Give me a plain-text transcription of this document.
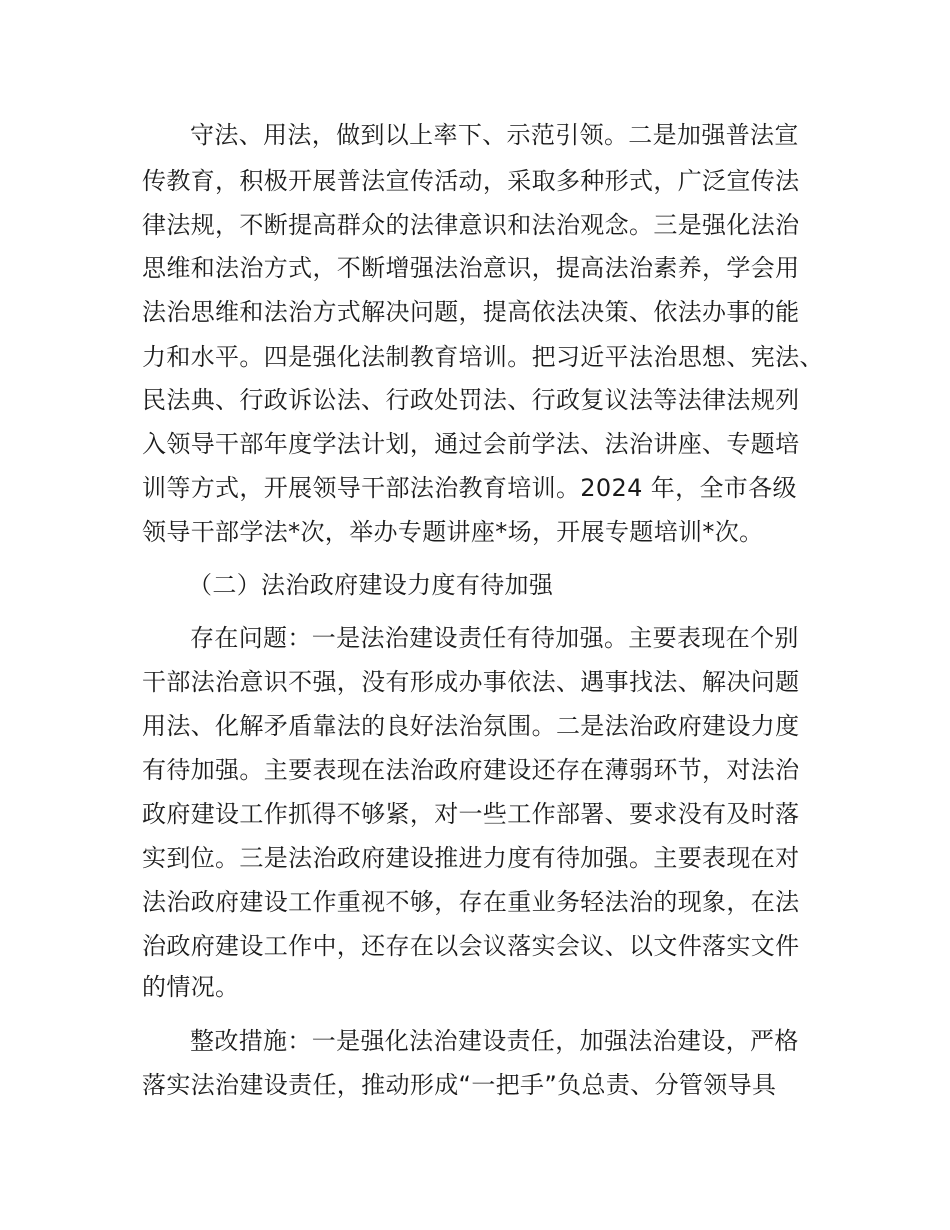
守法、用法，做到以上率下、示范引领。二是加强普法宣
传教育，积极开展普法宣传活动，采取多种形式，广泛宣传法
律法规，不断提高群众的法律意识和法治观念。三是强化法治
思维和法治方式，不断增强法治意识，提高法治素养，学会用
法治思维和法治方式解决问题，提高依法决策、依法办事的能
力和水平。四是强化法制教育培训。把习近平法治思想、宪法、
民法典、行政诉讼法、行政处罚法、行政复议法等法律法规列
入领导干部年度学法计划，通过会前学法、法治讲座、专题培
训等方式，开展领导干部法治教育培训。2024 年，全市各级
领导干部学法*次，举办专题讲座*场，开展专题培训*次。
（二）法治政府建设力度有待加强
存在问题：一是法治建设责任有待加强。主要表现在个别
干部法治意识不强，没有形成办事依法、遇事找法、解决问题
用法、化解矛盾靠法的良好法治氛围。二是法治政府建设力度
有待加强。主要表现在法治政府建设还存在薄弱环节，对法治
政府建设工作抓得不够紧，对一些工作部署、要求没有及时落
实到位。三是法治政府建设推进力度有待加强。主要表现在对
法治政府建设工作重视不够，存在重业务轻法治的现象，在法
治政府建设工作中，还存在以会议落实会议、以文件落实文件
的情况。
整改措施：一是强化法治建设责任，加强法治建设，严格
落实法治建设责任，推动形成“一把手”负总责、分管领导具
